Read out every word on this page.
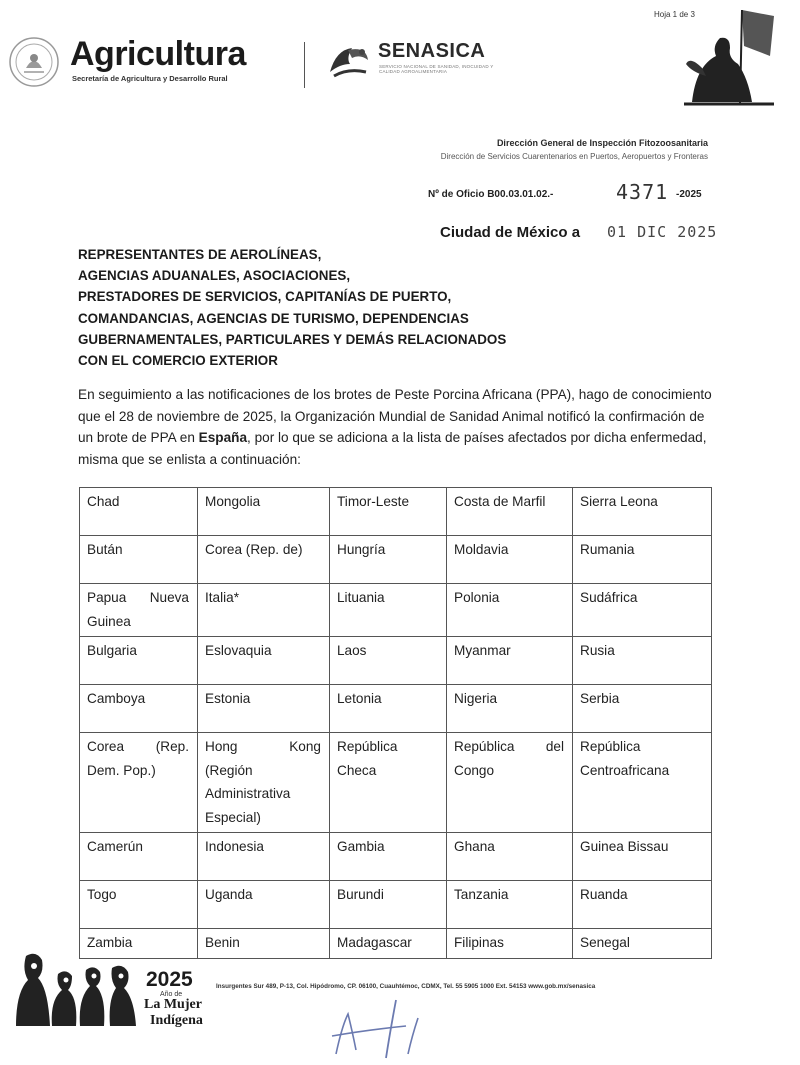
Agricultura
Secretaría de Agricultura y Desarrollo Rural
SENASICA
SERVICIO NACIONAL DE SANIDAD, INOCUIDAD Y CALIDAD AGROALIMENTARIA
Hoja 1 de 3
Dirección General de Inspección Fitozoosanitaria
Dirección de Servicios Cuarentenarios en Puertos, Aeropuertos y Fronteras
Nº de Oficio B00.03.01.02.-	4371 -2025
Ciudad de México a 01 DIC 2025
REPRESENTANTES DE AEROLÍNEAS,
AGENCIAS ADUANALES, ASOCIACIONES,
PRESTADORES DE SERVICIOS, CAPITANÍAS DE PUERTO,
COMANDANCIAS, AGENCIAS DE TURISMO, DEPENDENCIAS
GUBERNAMENTALES, PARTICULARES Y DEMÁS RELACIONADOS
CON EL COMERCIO EXTERIOR
En seguimiento a las notificaciones de los brotes de Peste Porcina Africana (PPA), hago de conocimiento que el 28 de noviembre de 2025, la Organización Mundial de Sanidad Animal notificó la confirmación de un brote de PPA en España, por lo que se adiciona a la lista de países afectados por dicha enfermedad, misma que se enlista a continuación:
Chad	Mongolia	Timor-Leste	Costa de Marfil	Sierra Leona
Bután	Corea (Rep. de)	Hungría	Moldavia	Rumania
Papua Nueva Guinea	Italia*	Lituania	Polonia	Sudáfrica
Bulgaria	Eslovaquia	Laos	Myanmar	Rusia
Camboya	Estonia	Letonia	Nigeria	Serbia
Corea (Rep. Dem. Pop.)	Hong Kong (Región Administrativa Especial)	República Checa	República del Congo	República Centroafricana
Camerún	Indonesia	Gambia	Ghana	Guinea Bissau
Togo	Uganda	Burundi	Tanzania	Ruanda
Zambia	Benin	Madagascar	Filipinas	Senegal
2025
Año de
La Mujer
Indígena
Insurgentes Sur 489, P-13, Col. Hipódromo, CP. 06100, Cuauhtémoc, CDMX, Tel. 55 5905 1000 Ext. 54153 www.gob.mx/senasica
